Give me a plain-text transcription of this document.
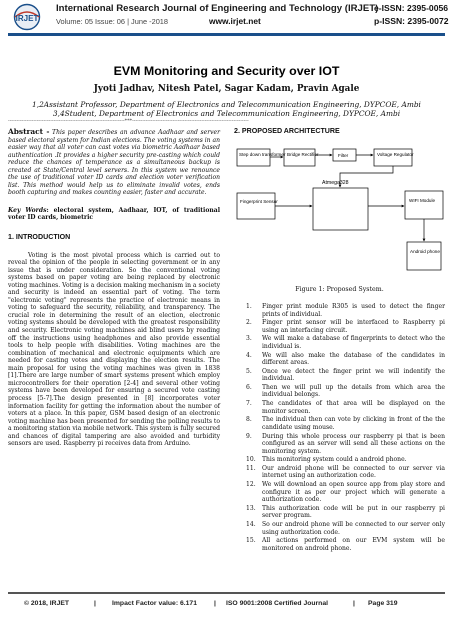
IRJET
International Research Journal of Engineering and Technology (IRJET)
e-ISSN: 2395-0056
Volume: 05 Issue: 06 | June -2018	www.irjet.net	p-ISSN: 2395-0072
EVM Monitoring and Security over IOT
Jyoti Jadhav, Nitesh Patel, Sagar Kadam, Pravin Agale
1,2Assistant Professor, Department of Electronics and Telecommunication Engineering, DYPCOE, Ambi
3,4Student, Department of Electronics and Telecommunication Engineering, DYPCOE, Ambi
---------------------------------------------------------------------***---------------------------------------------------------------------
Abstract - This paper describes an advance Aadhaar and server based electoral system for Indian elections. The voting systems in an easier way that all voter can cast votes via biometric Aadhaar based authentication .It provides a higher security pre-casting which could reduce the chances of temperance as a simultaneous backup is created at State/Central level servers. In this system we renounce the use of traditional voter ID cards and election voter verification list. This method would help us to eliminate invalid votes, ends booth capturing and makes counting easier, faster and accurate.
Key Words: electoral system, Aadhaar, IOT, of traditional voter ID cards, biometric
1. INTRODUCTION
Voting is the most pivotal process which is carried out to reveal the opinion of the people in selecting government or in any issue that is under consideration. So the conventional voting systems based on paper voting are being replaced by electronic voting machines. Voting is a decision making mechanism in a society and security is indeed an essential part of voting. The term "electronic voting" represents the practice of electronic means in voting to safeguard the security, reliability, and transparency. The crucial role in determining the result of an election, electronic voting systems should be developed with the greatest responsibility and security. Electronic voting machines aid blind users by reading off the instructions using headphones and also provide essential tools to help people with disabilities. Voting machines are the combination of mechanical and electronic equipments which are needed for casting votes and displaying the election results. The main proposal for using the voting machines was given in 1838 [1].There are large number of smart systems present which employ microcontrollers for their operation [2-4] and several other voting systems have been developed for ensuring a secured vote casting process [5-7].The design presented in [8] incorporates voter information facility for getting the information about the number of voters at a place. In this paper, GSM based design of an electronic voting machine has been presented for sending the polling results to a monitoring station via mobile network. This system is fully secured and chances of digital tampering are also avoided and turbidity sensors are used. Raspberry pi receives data from Arduino.
2. PROPOSED ARCHITECTURE
Step down transformer Bridge Rectifier	Filter	Voltage Regulator
Atmega328
Fingerprint Sensor	WIFI Module
Android phone
Figure 1: Proposed System.
1. Finger print module R305 is used to detect the finger prints of individual.
2. Finger print sensor will be interfaced to Raspberry pi using an interfacing circuit.
3. We will make a database of fingerprints to detect who the individual is.
4. We will also make the database of the candidates in different areas.
5. Once we detect the finger print we will indentify the individual.
6. Then we will pull up the details from which area the individual belongs.
7. The candidates of that area will be displayed on the monitor screen.
8. The individual then can vote by clicking in front of the the candidate using mouse.
9. During this whole process our raspberry pi that is been configured as an server will send all these actions on the monitoring system.
10. This monitoring system could a android phone.
11. Our android phone will be connected to our server via internet using an authorization code.
12. We will download an open source app from play store and configure it as per our project which will generate a authorization code.
13. This authorization code will be put in our raspberry pi server program.
14. So our android phone will be connected to our server only using authorization code.
15. All actions performed on our EVM system will be monitored on android phone.
© 2018, IRJET	| Impact Factor value: 6.171	| ISO 9001:2008 Certified Journal	| Page 319
